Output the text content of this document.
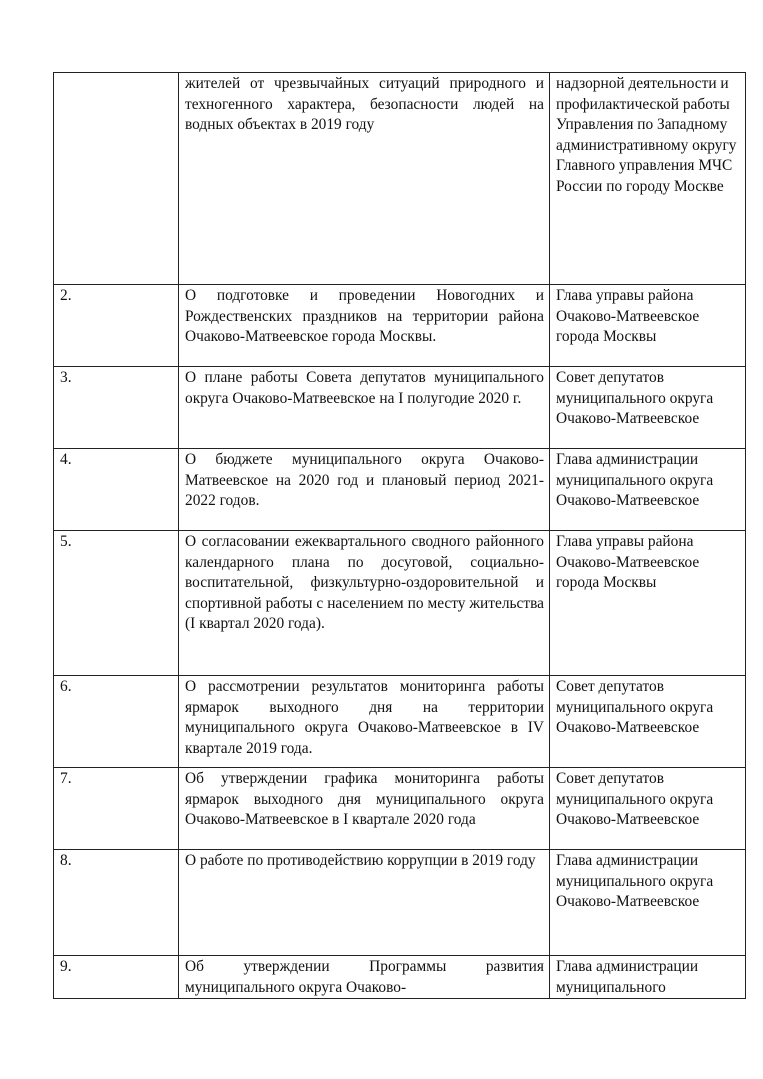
	жителей от чрезвычайных ситуаций природного и техногенного характера, безопасности людей на водных объектах в 2019 году	надзорной деятельности и профилактической работы Управления по Западному административному округу Главного управления МЧС России по городу Москве
2.	О подготовке и проведении Новогодних и Рождественских праздников на территории района Очаково-Матвеевское города Москвы.	Глава управы района Очаково-Матвеевское города Москвы
3.	О плане работы Совета депутатов муниципального округа Очаково-Матвеевское на I полугодие 2020 г.	Совет депутатов муниципального округа Очаково-Матвеевское
4.	О бюджете муниципального округа Очаково-Матвеевское на 2020 год и плановый период 2021-2022 годов.	Глава администрации муниципального округа Очаково-Матвеевское
5.	О согласовании ежеквартального сводного районного календарного плана по досуговой, социально-воспитательной, физкультурно-оздоровительной и спортивной работы с населением по месту жительства (I квартал 2020 года).	Глава управы района Очаково-Матвеевское города Москвы
6.	О рассмотрении результатов мониторинга работы ярмарок выходного дня на территории муниципального округа Очаково-Матвеевское в IV квартале 2019 года.	Совет депутатов муниципального округа Очаково-Матвеевское
7.	Об утверждении графика мониторинга работы ярмарок выходного дня муниципального округа Очаково-Матвеевское в I квартале 2020 года	Совет депутатов муниципального округа Очаково-Матвеевское
8.	О работе по противодействию коррупции в 2019 году	Глава администрации муниципального округа Очаково-Матвеевское
9.	Об утверждении Программы развития муниципального округа Очаково-	Глава администрации муниципального
